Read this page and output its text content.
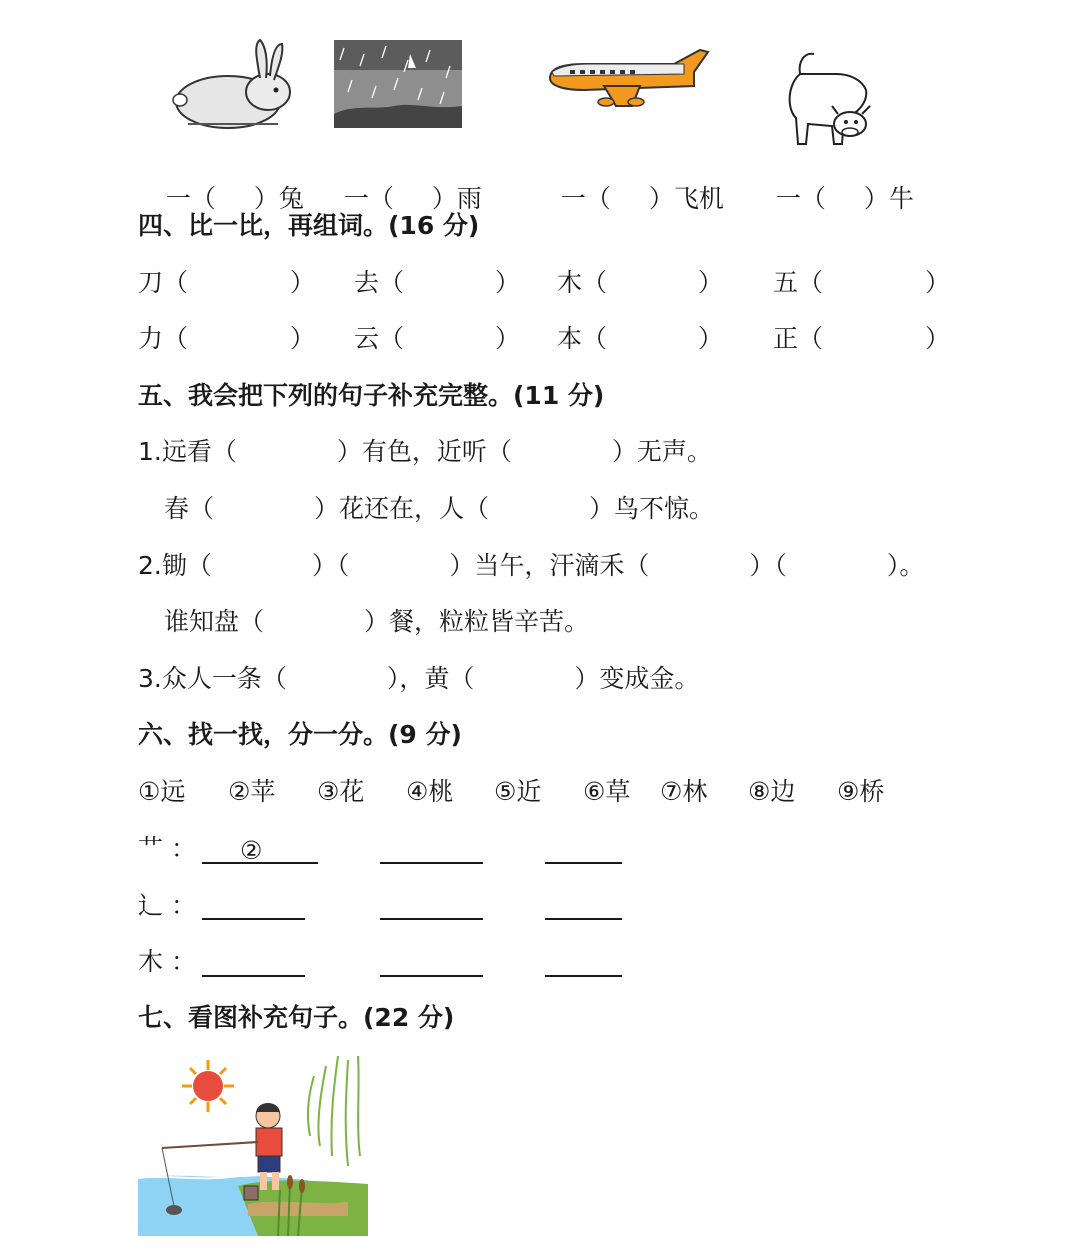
一（ ）兔	一（ ）雨	一（ ）飞机	一（ ）牛

四、比一比，再组词。(16 分)
刀（	） 去（	） 木（	） 五（	）
力（	） 云（	） 本（	） 正（	）
五、我会把下列的句子补充完整。(11 分)
1.远看（　　　　）有色，近听（　　　　）无声。
春（　　　　）花还在，人（　　　　）鸟不惊。
2.锄（　　　　）（　　　　）当午，汗滴禾（　　　　）（　　　　）。
谁知盘（　　　　）餐，粒粒皆辛苦。
3.众人一条（　　　　），黄（　　　　）变成金。
六、找一找，分一分。(9 分)
①远 ②苹 ③花 ④桃 ⑤近 ⑥草 ⑦林 ⑧边 ⑨桥
艹 ： ②
辶 ：
木 ：
七、看图补充句子。(22 分)
